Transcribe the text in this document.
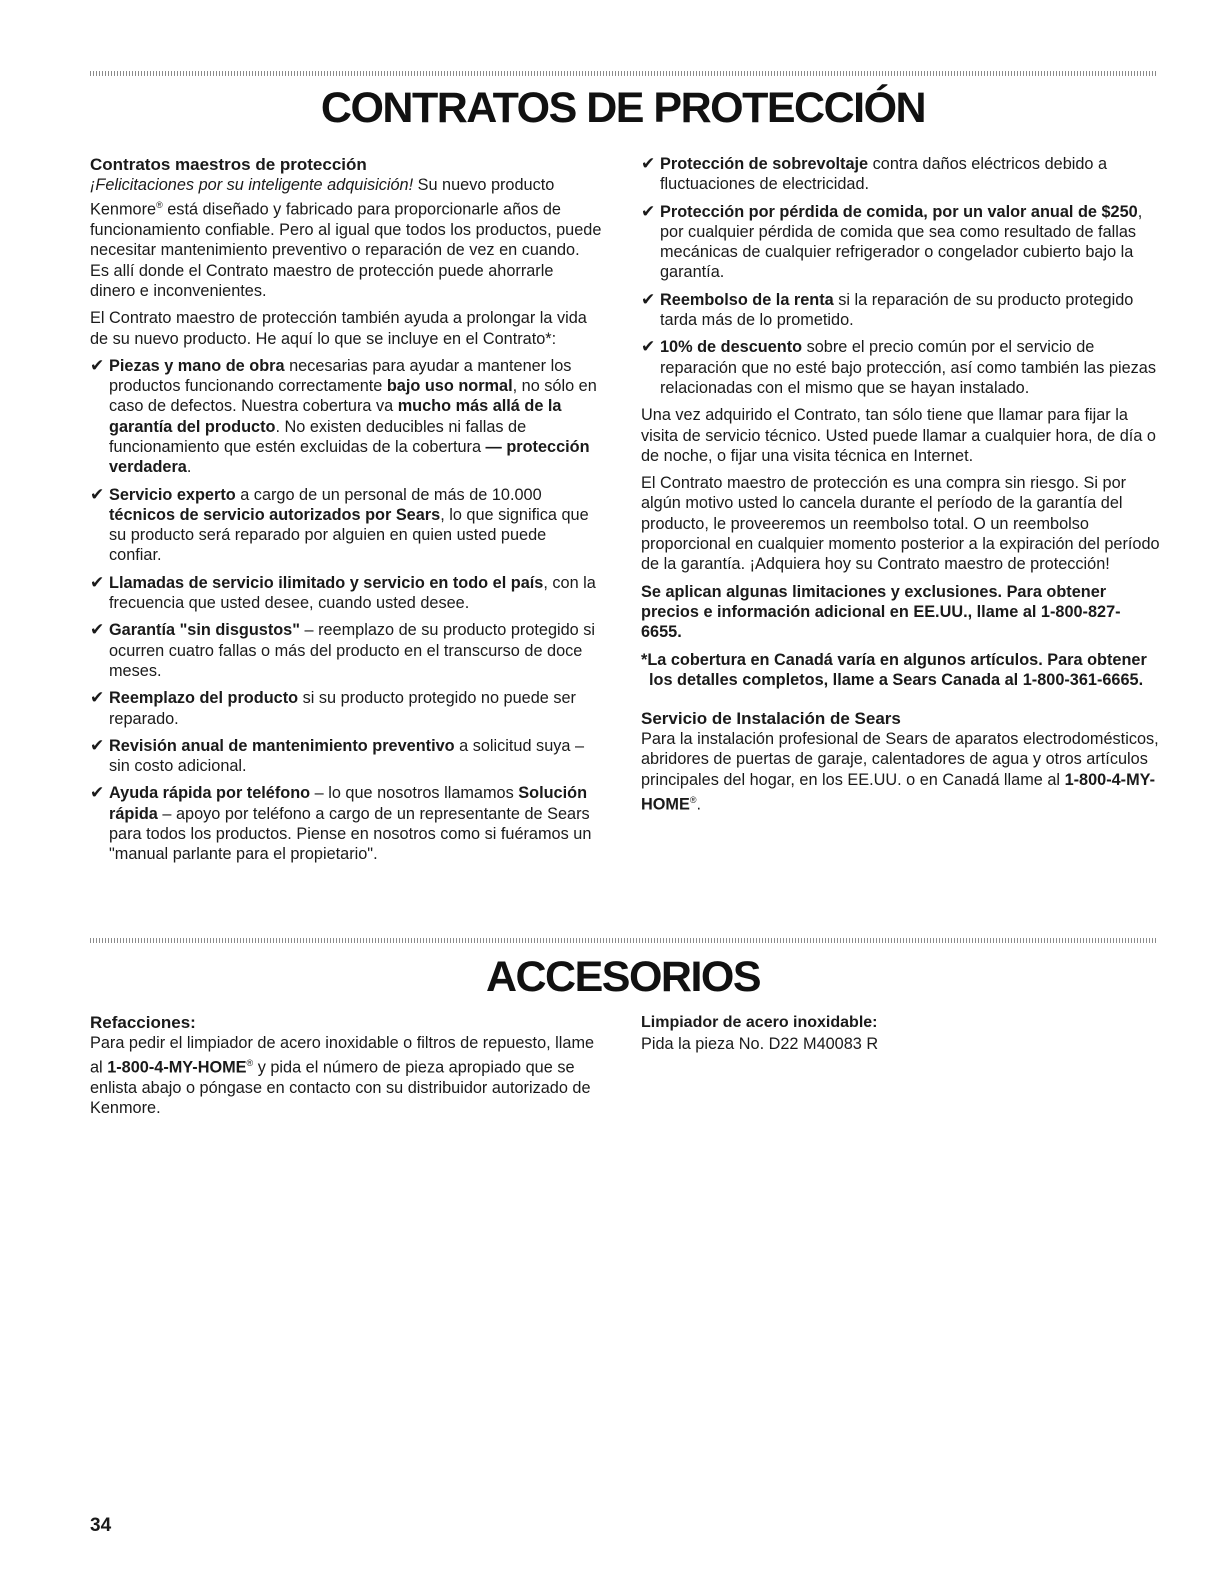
CONTRATOS DE PROTECCIÓN
Contratos maestros de protección

¡Felicitaciones por su inteligente adquisición! Su nuevo producto Kenmore® está diseñado y fabricado para proporcionarle años de funcionamiento confiable. Pero al igual que todos los productos, puede necesitar mantenimiento preventivo o reparación de vez en cuando. Es allí donde el Contrato maestro de protección puede ahorrarle dinero e inconvenientes.

El Contrato maestro de protección también ayuda a prolongar la vida de su nuevo producto. He aquí lo que se incluye en el Contrato*:

✔ Piezas y mano de obra necesarias para ayudar a mantener los productos funcionando correctamente bajo uso normal, no sólo en caso de defectos. Nuestra cobertura va mucho más allá de la garantía del producto. No existen deducibles ni fallas de funcionamiento que estén excluidas de la cobertura — protección verdadera.
✔ Servicio experto a cargo de un personal de más de 10.000 técnicos de servicio autorizados por Sears, lo que significa que su producto será reparado por alguien en quien usted puede confiar.
✔ Llamadas de servicio ilimitado y servicio en todo el país, con la frecuencia que usted desee, cuando usted desee.
✔ Garantía "sin disgustos" – reemplazo de su producto protegido si ocurren cuatro fallas o más del producto en el transcurso de doce meses.
✔ Reemplazo del producto si su producto protegido no puede ser reparado.
✔ Revisión anual de mantenimiento preventivo a solicitud suya – sin costo adicional.
✔ Ayuda rápida por teléfono – lo que nosotros llamamos Solución rápida – apoyo por teléfono a cargo de un representante de Sears para todos los productos. Piense en nosotros como si fuéramos un "manual parlante para el propietario".
✔ Protección de sobrevoltaje contra daños eléctricos debido a fluctuaciones de electricidad.
✔ Protección por pérdida de comida, por un valor anual de $250, por cualquier pérdida de comida que sea como resultado de fallas mecánicas de cualquier refrigerador o congelador cubierto bajo la garantía.
✔ Reembolso de la renta si la reparación de su producto protegido tarda más de lo prometido.
✔ 10% de descuento sobre el precio común por el servicio de reparación que no esté bajo protección, así como también las piezas relacionadas con el mismo que se hayan instalado.

Una vez adquirido el Contrato, tan sólo tiene que llamar para fijar la visita de servicio técnico. Usted puede llamar a cualquier hora, de día o de noche, o fijar una visita técnica en Internet.

El Contrato maestro de protección es una compra sin riesgo. Si por algún motivo usted lo cancela durante el período de la garantía del producto, le proveeremos un reembolso total. O un reembolso proporcional en cualquier momento posterior a la expiración del período de la garantía. ¡Adquiera hoy su Contrato maestro de protección!

Se aplican algunas limitaciones y exclusiones. Para obtener precios e información adicional en EE.UU., llame al 1-800-827-6655.

*La cobertura en Canadá varía en algunos artículos. Para obtener los detalles completos, llame a Sears Canada al 1-800-361-6665.

Servicio de Instalación de Sears

Para la instalación profesional de Sears de aparatos electrodomésticos, abridores de puertas de garaje, calentadores de agua y otros artículos principales del hogar, en los EE.UU. o en Canadá llame al 1-800-4-MY-HOME®.

ACCESORIOS
Refacciones:

Para pedir el limpiador de acero inoxidable o filtros de repuesto, llame al 1-800-4-MY-HOME® y pida el número de pieza apropiado que se enlista abajo o póngase en contacto con su distribuidor autorizado de Kenmore.

Limpiador de acero inoxidable:

Pida la pieza No. D22 M40083 R

34
